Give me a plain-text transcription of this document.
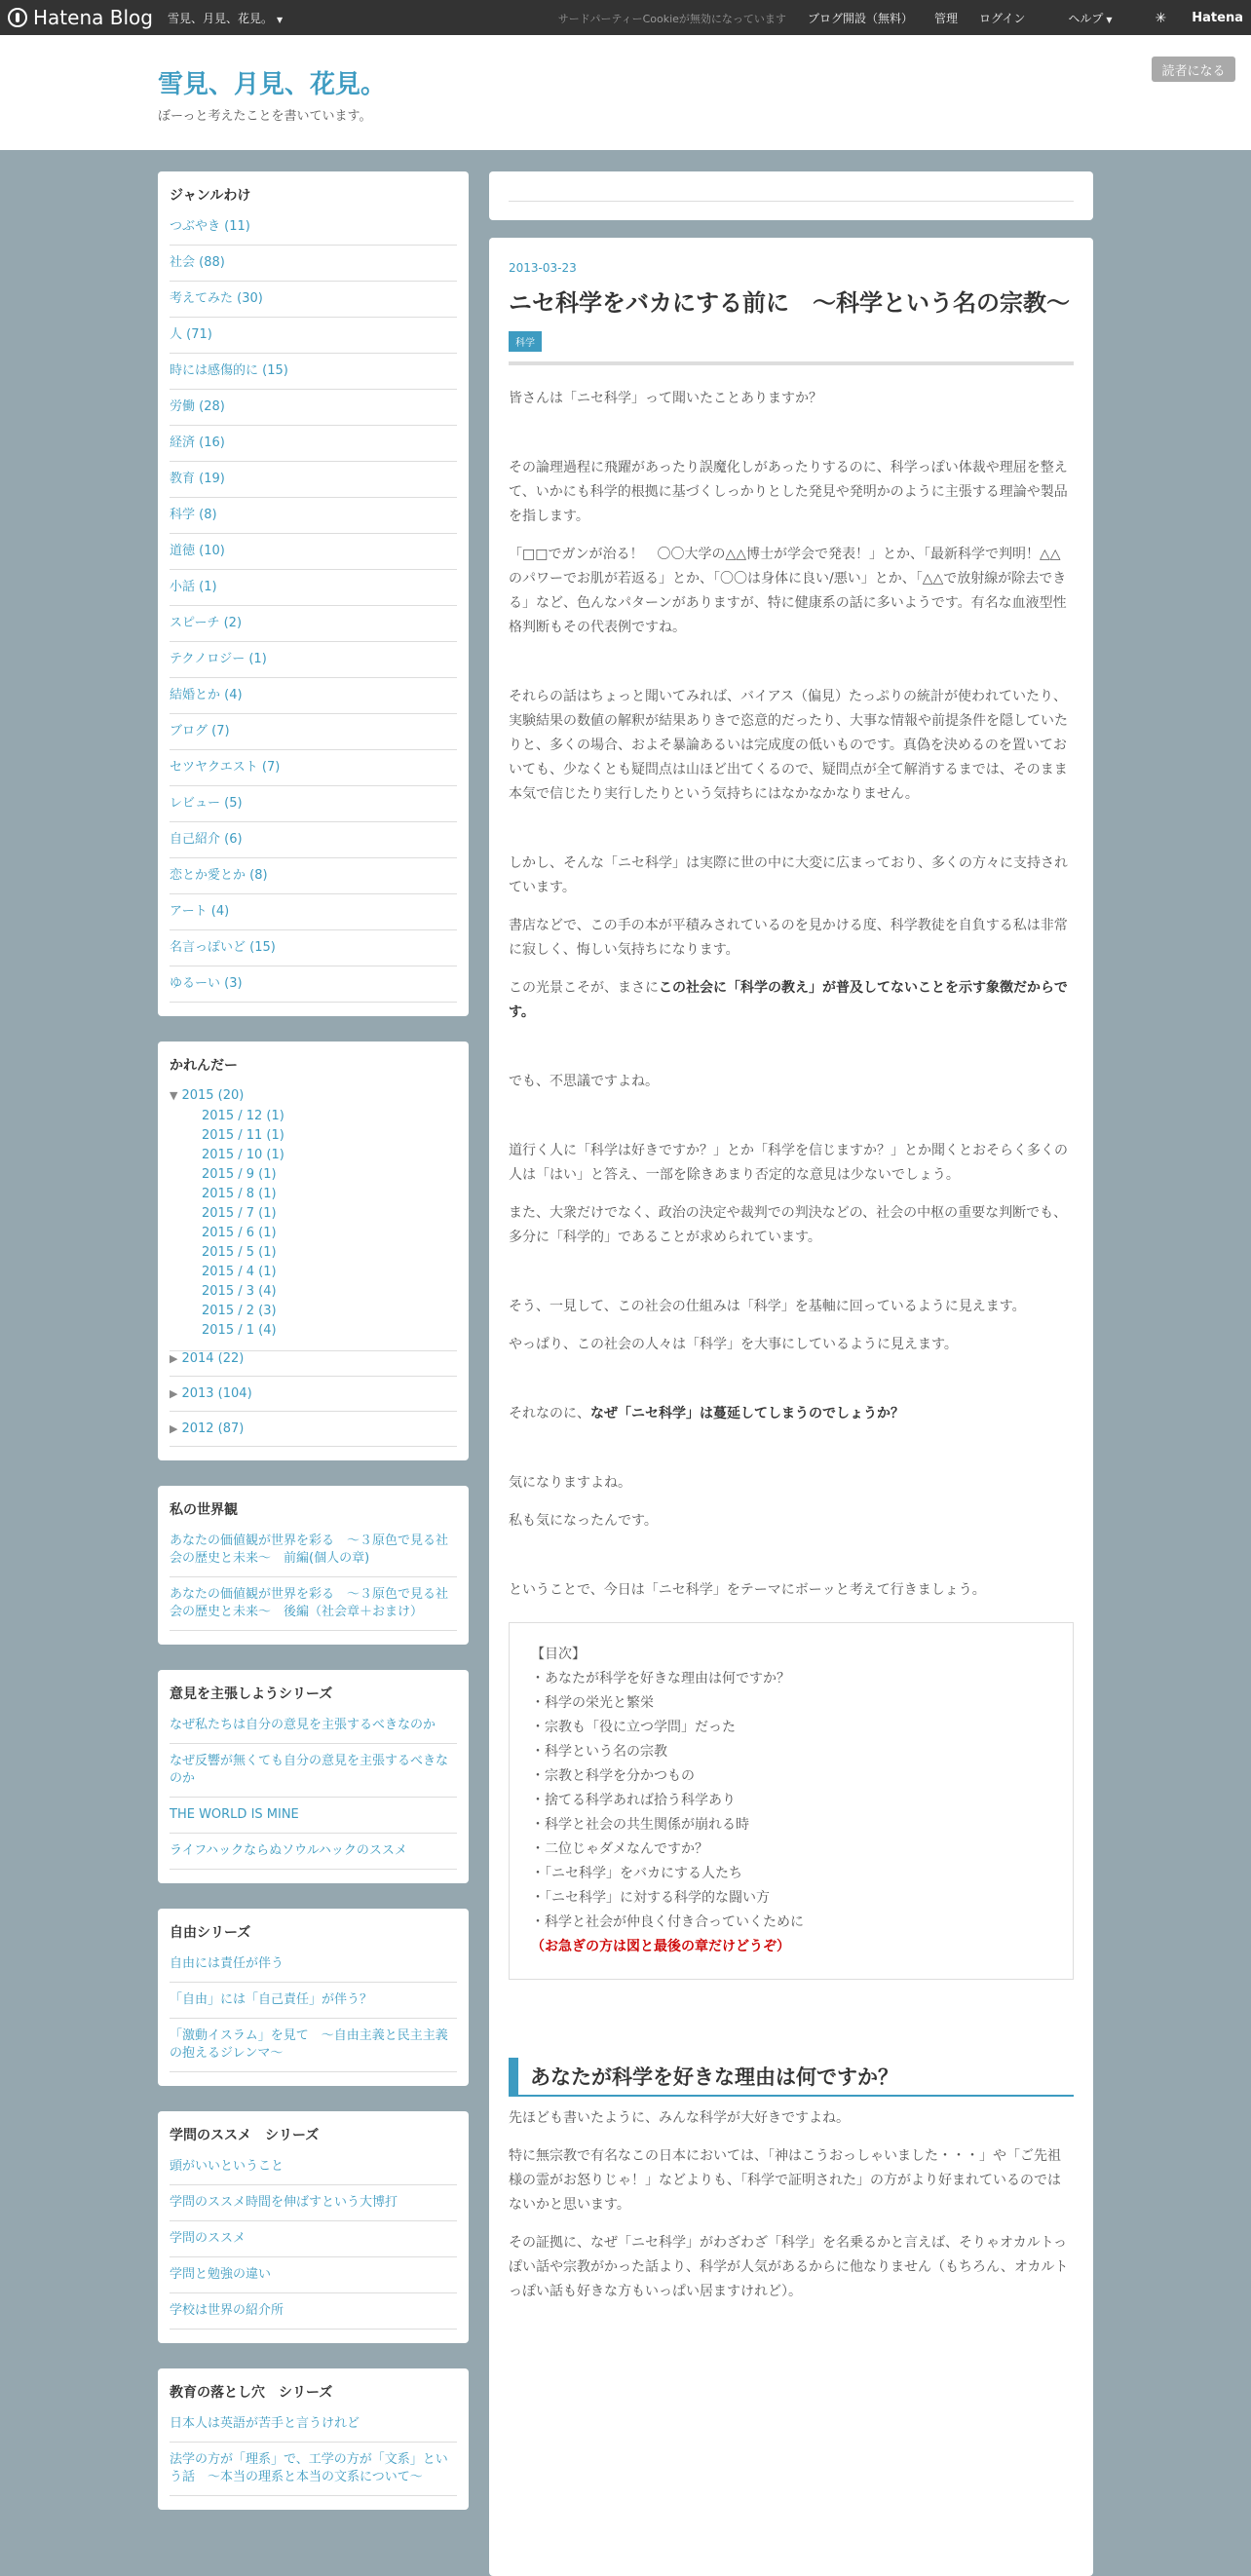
Hatena Blog 雪見、月見、花見。 ▼	サードパーティーCookieが無効になっています ブログ開設（無料） 管理 ログイン	ヘルプ ▼	✳ Hatena
雪見、月見、花見。
ぼーっと考えたことを書いています。
読者になる
ジャンルわけ
つぶやき (11)
社会 (88)
考えてみた (30)
人 (71)
時には感傷的に (15)
労働 (28)
経済 (16)
教育 (19)
科学 (8)
道徳 (10)
小話 (1)
スピーチ (2)
テクノロジー (1)
結婚とか (4)
ブログ (7)
セツヤクエスト (7)
レビュー (5)
自己紹介 (6)
恋とか愛とか (8)
アート (4)
名言っぽいど (15)
ゆるーい (3)
かれんだー
▼ 2015 (20)
2015 / 12 (1)
2015 / 11 (1)
2015 / 10 (1)
2015 / 9 (1)
2015 / 8 (1)
2015 / 7 (1)
2015 / 6 (1)
2015 / 5 (1)
2015 / 4 (1)
2015 / 3 (4)
2015 / 2 (3)
2015 / 1 (4)
▶ 2014 (22)
▶ 2013 (104)
▶ 2012 (87)
私の世界観
あなたの価値観が世界を彩る　～３原色で見る社会の歴史と未来～　前編(個人の章)
あなたの価値観が世界を彩る　～３原色で見る社会の歴史と未来～　後編（社会章＋おまけ）
意見を主張しようシリーズ
なぜ私たちは自分の意見を主張するべきなのか
なぜ反響が無くても自分の意見を主張するべきなのか
THE WORLD IS MINE
ライフハックならぬソウルハックのススメ
自由シリーズ
自由には責任が伴う
「自由」には「自己責任」が伴う？
「激動イスラム」を見て　～自由主義と民主主義の抱えるジレンマ～
学問のススメ　シリーズ
頭がいいということ
学問のススメ時間を伸ばすという大博打
学問のススメ
学問と勉強の違い
学校は世界の紹介所
教育の落とし穴　シリーズ
日本人は英語が苦手と言うけれど
法学の方が「理系」で、工学の方が「文系」という話　～本当の理系と本当の文系について～
2013-03-23
ニセ科学をバカにする前に　～科学という名の宗教～
科学

皆さんは「ニセ科学」って聞いたことありますか？

その論理過程に飛躍があったり誤魔化しがあったりするのに、科学っぽい体裁や理屈を整えて、いかにも科学的根拠に基づくしっかりとした発見や発明かのように主張する理論や製品を指します。

「□□でガンが治る！　〇〇大学の△△博士が学会で発表！」とか、「最新科学で判明！△△のパワーでお肌が若返る」とか、「〇〇は身体に良い/悪い」とか、「△△で放射線が除去できる」など、色んなパターンがありますが、特に健康系の話に多いようです。有名な血液型性格判断もその代表例ですね。

それらの話はちょっと聞いてみれば、バイアス（偏見）たっぷりの統計が使われていたり、実験結果の数値の解釈が結果ありきで恣意的だったり、大事な情報や前提条件を隠していたりと、多くの場合、およそ暴論あるいは完成度の低いものです。真偽を決めるのを置いておいても、少なくとも疑問点は山ほど出てくるので、疑問点が全て解消するまでは、そのまま本気で信じたり実行したりという気持ちにはなかなかなりません。

しかし、そんな「ニセ科学」は実際に世の中に大変に広まっており、多くの方々に支持されています。

書店などで、この手の本が平積みされているのを見かける度、科学教徒を自負する私は非常に寂しく、悔しい気持ちになります。

この光景こそが、まさにこの社会に「科学の教え」が普及してないことを示す象徴だからです。

でも、不思議ですよね。

道行く人に「科学は好きですか？」とか「科学を信じますか？」とか聞くとおそらく多くの人は「はい」と答え、一部を除きあまり否定的な意見は少ないでしょう。

また、大衆だけでなく、政治の決定や裁判での判決などの、社会の中枢の重要な判断でも、多分に「科学的」であることが求められています。

そう、一見して、この社会の仕組みは「科学」を基軸に回っているように見えます。

やっぱり、この社会の人々は「科学」を大事にしているように見えます。

それなのに、なぜ「ニセ科学」は蔓延してしまうのでしょうか？

気になりますよね。

私も気になったんです。

ということで、今日は「ニセ科学」をテーマにボーッと考えて行きましょう。

【目次】
・あなたが科学を好きな理由は何ですか？
・科学の栄光と繁栄
・宗教も「役に立つ学問」だった
・科学という名の宗教
・宗教と科学を分かつもの
・捨てる科学あれば拾う科学あり
・科学と社会の共生関係が崩れる時
・二位じゃダメなんですか？
・「ニセ科学」をバカにする人たち
・「ニセ科学」に対する科学的な闘い方
・科学と社会が仲良く付き合っていくために
（お急ぎの方は図と最後の章だけどうぞ）
あなたが科学を好きな理由は何ですか？

先ほども書いたように、みんな科学が大好きですよね。

特に無宗教で有名なこの日本においては、「神はこうおっしゃいました・・・」や「ご先祖様の霊がお怒りじゃ！」などよりも、「科学で証明された」の方がより好まれているのではないかと思います。

その証拠に、なぜ「ニセ科学」がわざわざ「科学」を名乗るかと言えば、そりゃオカルトっぽい話や宗教がかった話より、科学が人気があるからに他なりません（もちろん、オカルトっぽい話も好きな方もいっぱい居ますけれど）。
